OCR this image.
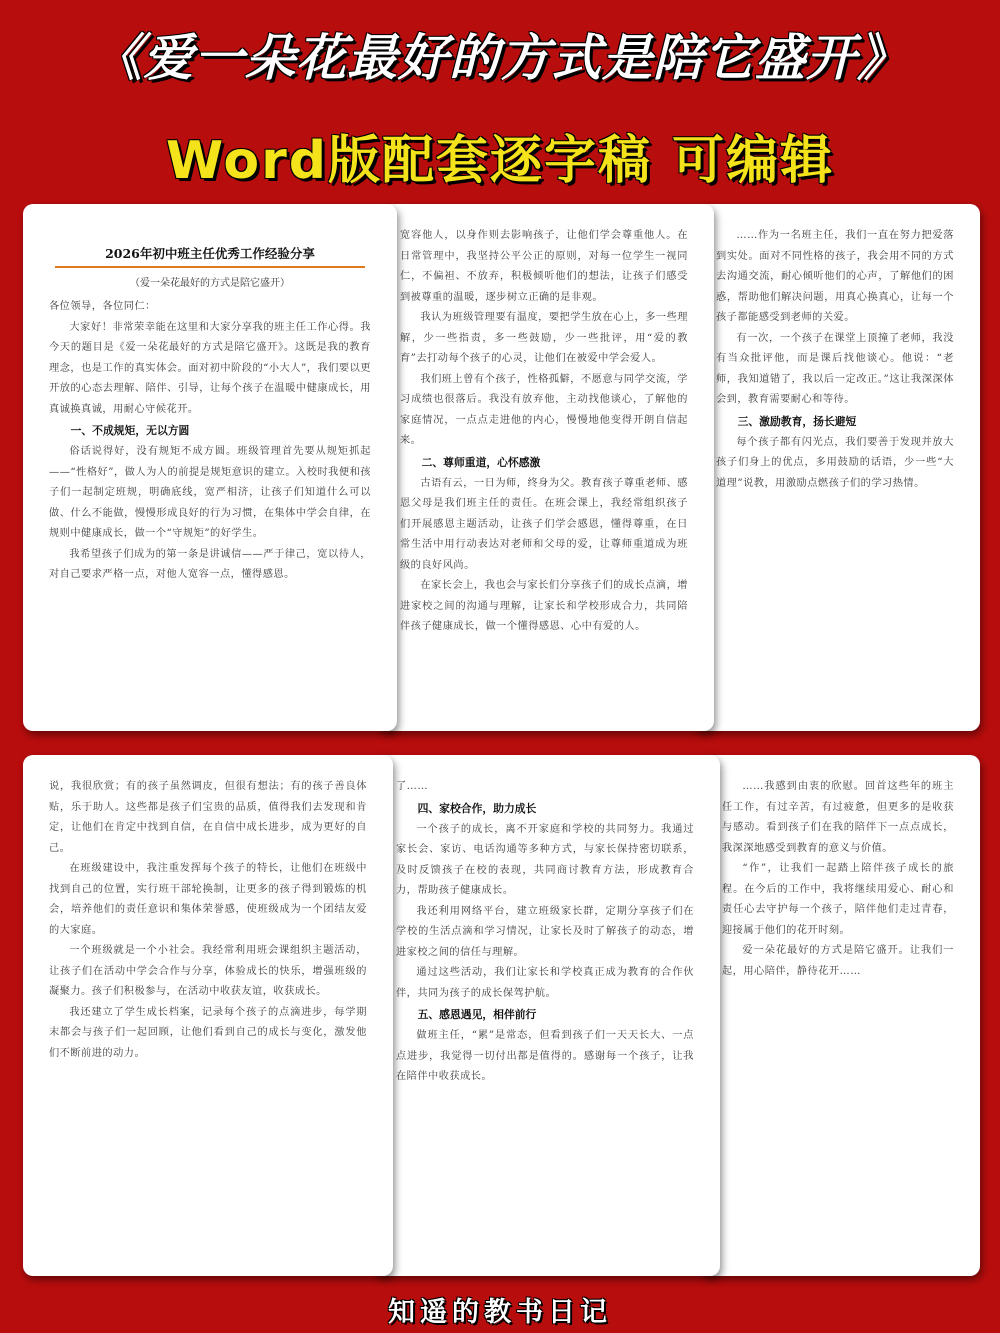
《爱一朵花最好的方式是陪它盛开》
Word版配套逐字稿 可编辑

……作为一名班主任，我们一直在努力把爱落到实处。面对不同性格的孩子，我会用不同的方式去沟通交流，耐心倾听他们的心声，了解他们的困惑，帮助他们解决问题，用真心换真心，让每一个孩子都能感受到老师的关爱。

有一次，一个孩子在课堂上顶撞了老师，我没有当众批评他，而是课后找他谈心。他说：“老师，我知道错了，我以后一定改正。”这让我深深体会到，教育需要耐心和等待。

三、激励教育，扬长避短

每个孩子都有闪光点，我们要善于发现并放大孩子们身上的优点，多用鼓励的话语，少一些“大道理”说教，用激励点燃孩子们的学习热情。

宽容他人，以身作则去影响孩子，让他们学会尊重他人。在日常管理中，我坚持公平公正的原则，对每一位学生一视同仁，不偏袒、不放弃，积极倾听他们的想法，让孩子们感受到被尊重的温暖，逐步树立正确的是非观。

我认为班级管理要有温度，要把学生放在心上，多一些理解，少一些指责，多一些鼓励，少一些批评，用“爱的教育”去打动每个孩子的心灵，让他们在被爱中学会爱人。

我们班上曾有个孩子，性格孤僻，不愿意与同学交流，学习成绩也很落后。我没有放弃他，主动找他谈心，了解他的家庭情况，一点点走进他的内心，慢慢地他变得开朗自信起来。

二、尊师重道，心怀感激

古语有云，一日为师，终身为父。教育孩子尊重老师、感恩父母是我们班主任的责任。在班会课上，我经常组织孩子们开展感恩主题活动，让孩子们学会感恩，懂得尊重，在日常生活中用行动表达对老师和父母的爱，让尊师重道成为班级的良好风尚。

在家长会上，我也会与家长们分享孩子们的成长点滴，增进家校之间的沟通与理解，让家长和学校形成合力，共同陪伴孩子健康成长，做一个懂得感恩、心中有爱的人。

2026年初中班主任优秀工作经验分享
（爱一朵花最好的方式是陪它盛开）

各位领导，各位同仁：

大家好！非常荣幸能在这里和大家分享我的班主任工作心得。我今天的题目是《爱一朵花最好的方式是陪它盛开》。这既是我的教育理念，也是工作的真实体会。面对初中阶段的“小大人”，我们要以更开放的心态去理解、陪伴、引导，让每个孩子在温暖中健康成长，用真诚换真诚，用耐心守候花开。

一、不成规矩，无以方圆

俗话说得好，没有规矩不成方圆。班级管理首先要从规矩抓起——“性格好”，做人为人的前提是规矩意识的建立。入校时我便和孩子们一起制定班规，明确底线，宽严相济，让孩子们知道什么可以做、什么不能做，慢慢形成良好的行为习惯，在集体中学会自律，在规则中健康成长，做一个“守规矩”的好学生。

我希望孩子们成为的第一条是讲诚信——严于律己，宽以待人，对自己要求严格一点，对他人宽容一点，懂得感恩。

……我感到由衷的欣慰。回首这些年的班主任工作，有过辛苦，有过疲惫，但更多的是收获与感动。看到孩子们在我的陪伴下一点点成长，我深深地感受到教育的意义与价值。

“作”，让我们一起踏上陪伴孩子成长的旅程。在今后的工作中，我将继续用爱心、耐心和责任心去守护每一个孩子，陪伴他们走过青春，迎接属于他们的花开时刻。

爱一朵花最好的方式是陪它盛开。让我们一起，用心陪伴，静待花开……

了……

四、家校合作，助力成长

一个孩子的成长，离不开家庭和学校的共同努力。我通过家长会、家访、电话沟通等多种方式，与家长保持密切联系，及时反馈孩子在校的表现，共同商讨教育方法，形成教育合力，帮助孩子健康成长。

我还利用网络平台，建立班级家长群，定期分享孩子们在学校的生活点滴和学习情况，让家长及时了解孩子的动态，增进家校之间的信任与理解。

通过这些活动，我们让家长和学校真正成为教育的合作伙伴，共同为孩子的成长保驾护航。

五、感恩遇见，相伴前行

做班主任，“累”是常态，但看到孩子们一天天长大、一点点进步，我觉得一切付出都是值得的。感谢每一个孩子，让我在陪伴中收获成长。

说，我很欣赏；有的孩子虽然调皮，但很有想法；有的孩子善良体贴，乐于助人。这些都是孩子们宝贵的品质，值得我们去发现和肯定，让他们在肯定中找到自信，在自信中成长进步，成为更好的自己。

在班级建设中，我注重发挥每个孩子的特长，让他们在班级中找到自己的位置，实行班干部轮换制，让更多的孩子得到锻炼的机会，培养他们的责任意识和集体荣誉感，使班级成为一个团结友爱的大家庭。

一个班级就是一个小社会。我经常利用班会课组织主题活动，让孩子们在活动中学会合作与分享，体验成长的快乐，增强班级的凝聚力。孩子们积极参与，在活动中收获友谊，收获成长。

我还建立了学生成长档案，记录每个孩子的点滴进步，每学期末都会与孩子们一起回顾，让他们看到自己的成长与变化，激发他们不断前进的动力。

知遥的教书日记
